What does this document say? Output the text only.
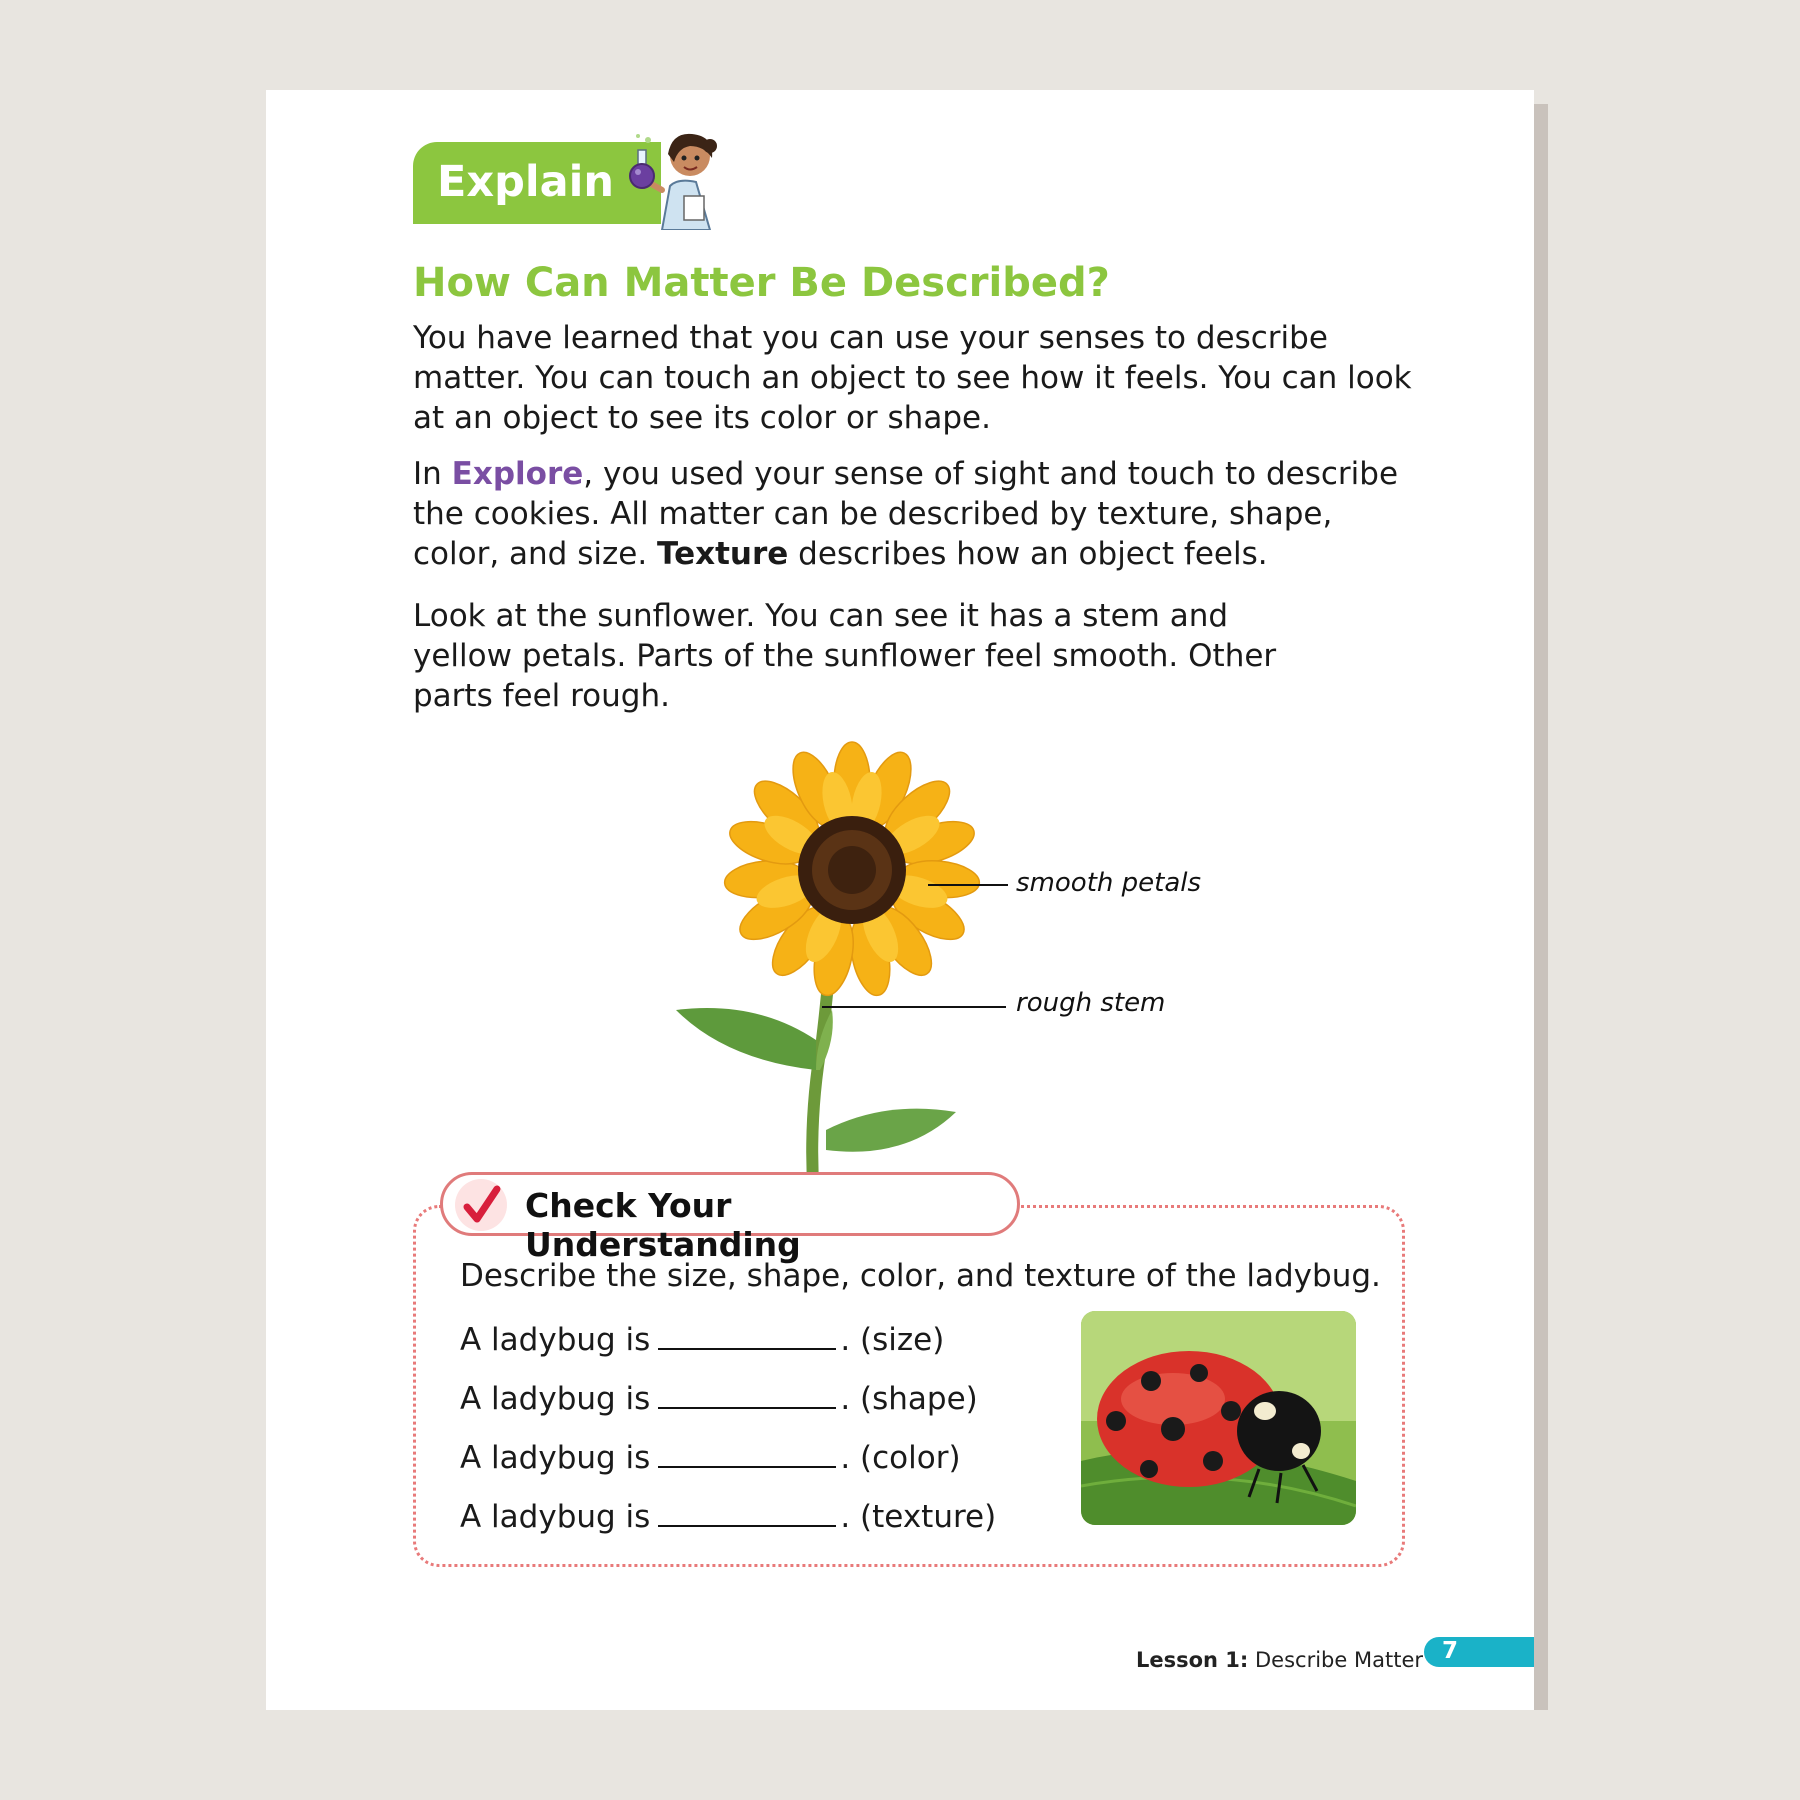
Explain
How Can Matter Be Described?

You have learned that you can use your senses to describe matter. You can touch an object to see how it feels. You can look at an object to see its color or shape.

In Explore, you used your sense of sight and touch to describe the cookies. All matter can be described by texture, shape, color, and size. Texture describes how an object feels.

Look at the sunflower. You can see it has a stem and yellow petals. Parts of the sunflower feel smooth. Other parts feel rough.

smooth petals
rough stem
Check Your Understanding
Describe the size, shape, color, and texture of the ladybug.
A ladybug is	. (size)
A ladybug is	. (shape)
A ladybug is	. (color)
A ladybug is	. (texture)
Lesson 1: Describe Matter 7
